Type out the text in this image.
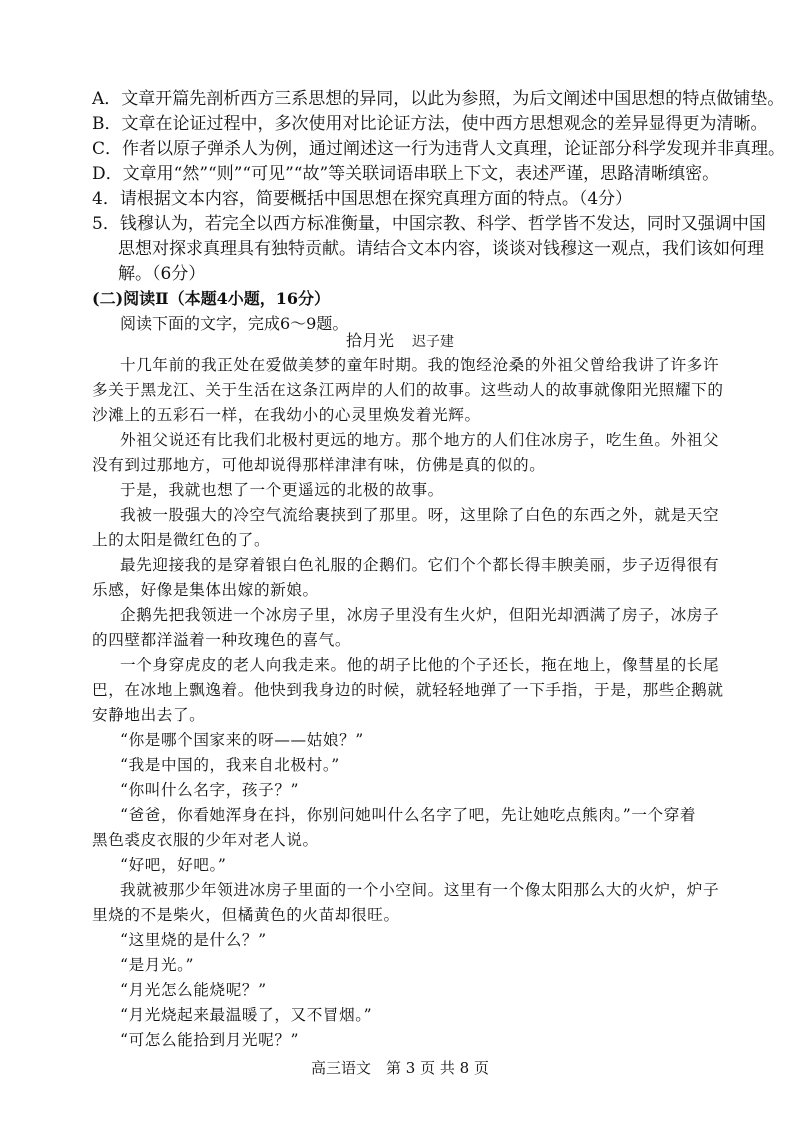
A．文章开篇先剖析西方三系思想的异同，以此为参照，为后文阐述中国思想的特点做铺垫。
B．文章在论证过程中，多次使用对比论证方法，使中西方思想观念的差异显得更为清晰。
C．作者以原子弹杀人为例，通过阐述这一行为违背人文真理，论证部分科学发现并非真理。
D．文章用“然”“则”“可见”“故”等关联词语串联上下文，表述严谨，思路清晰缜密。
4．请根据文本内容，简要概括中国思想在探究真理方面的特点。（4分）
5．钱穆认为，若完全以西方标准衡量，中国宗教、科学、哲学皆不发达，同时又强调中国
思想对探求真理具有独特贡献。请结合文本内容，谈谈对钱穆这一观点，我们该如何理
解。（6分）
(二)阅读Ⅱ（本题4小题，16分）
阅读下面的文字，完成6～9题。
拾月光 迟子建
十几年前的我正处在爱做美梦的童年时期。我的饱经沧桑的外祖父曾给我讲了许多许
多关于黑龙江、关于生活在这条江两岸的人们的故事。这些动人的故事就像阳光照耀下的
沙滩上的五彩石一样，在我幼小的心灵里焕发着光辉。
外祖父说还有比我们北极村更远的地方。那个地方的人们住冰房子，吃生鱼。外祖父
没有到过那地方，可他却说得那样津津有味，仿佛是真的似的。
于是，我就也想了一个更遥远的北极的故事。
我被一股强大的冷空气流给裹挟到了那里。呀，这里除了白色的东西之外，就是天空
上的太阳是微红色的了。
最先迎接我的是穿着银白色礼服的企鹅们。它们个个都长得丰腴美丽，步子迈得很有
乐感，好像是集体出嫁的新娘。
企鹅先把我领进一个冰房子里，冰房子里没有生火炉，但阳光却洒满了房子，冰房子
的四壁都洋溢着一种玫瑰色的喜气。
一个身穿虎皮的老人向我走来。他的胡子比他的个子还长，拖在地上，像彗星的长尾
巴，在冰地上飘逸着。他快到我身边的时候，就轻轻地弹了一下手指，于是，那些企鹅就
安静地出去了。
“你是哪个国家来的呀——姑娘？”
“我是中国的，我来自北极村。”
“你叫什么名字，孩子？”
“爸爸，你看她浑身在抖，你别问她叫什么名字了吧，先让她吃点熊肉。”一个穿着
黑色裘皮衣服的少年对老人说。
“好吧，好吧。”
我就被那少年领进冰房子里面的一个小空间。这里有一个像太阳那么大的火炉，炉子
里烧的不是柴火，但橘黄色的火苗却很旺。
“这里烧的是什么？”
“是月光。”
“月光怎么能烧呢？”
“月光烧起来最温暖了，又不冒烟。”
“可怎么能拾到月光呢？”
高三语文　第 3 页 共 8 页
